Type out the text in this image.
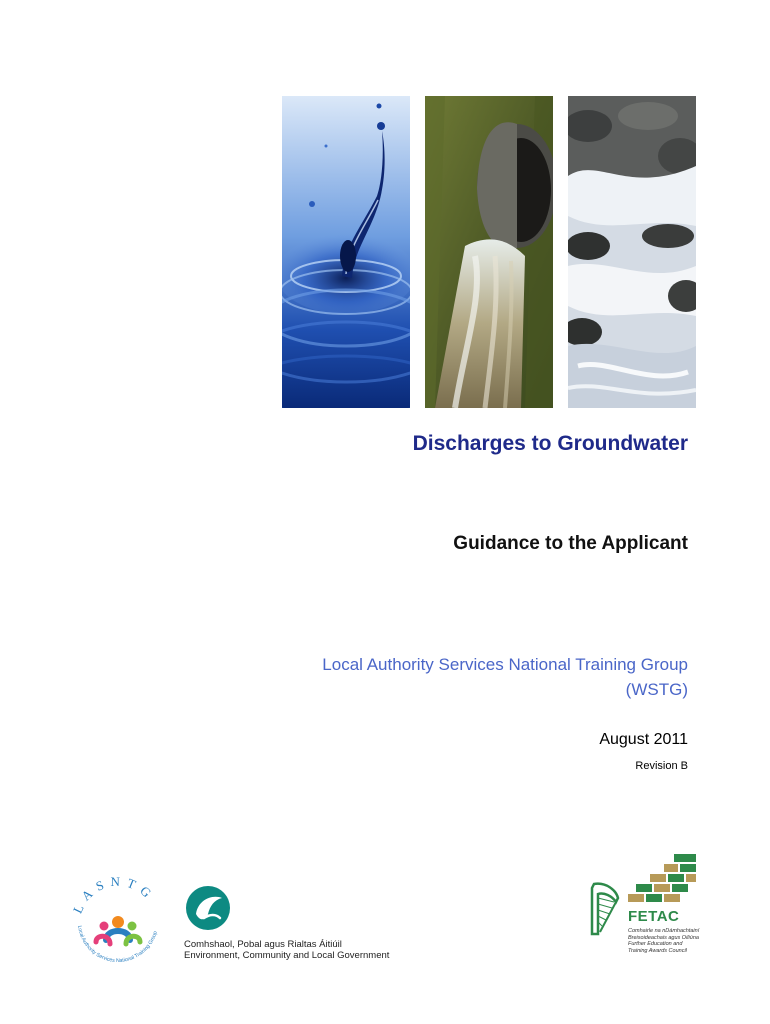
Discharges to Groundwater
Guidance to the Applicant
Local Authority Services National Training Group
(WSTG)
August 2011
Revision B
LASNTG
Local Authority Services National Training Group
Comhshaol, Pobal agus Rialtas Áitiúil
Environment, Community and Local Government
FETAC
Comhairle na nDámhachtainí
Breisoideachais agus Oiliúna
Further Education and
Training Awards Council
